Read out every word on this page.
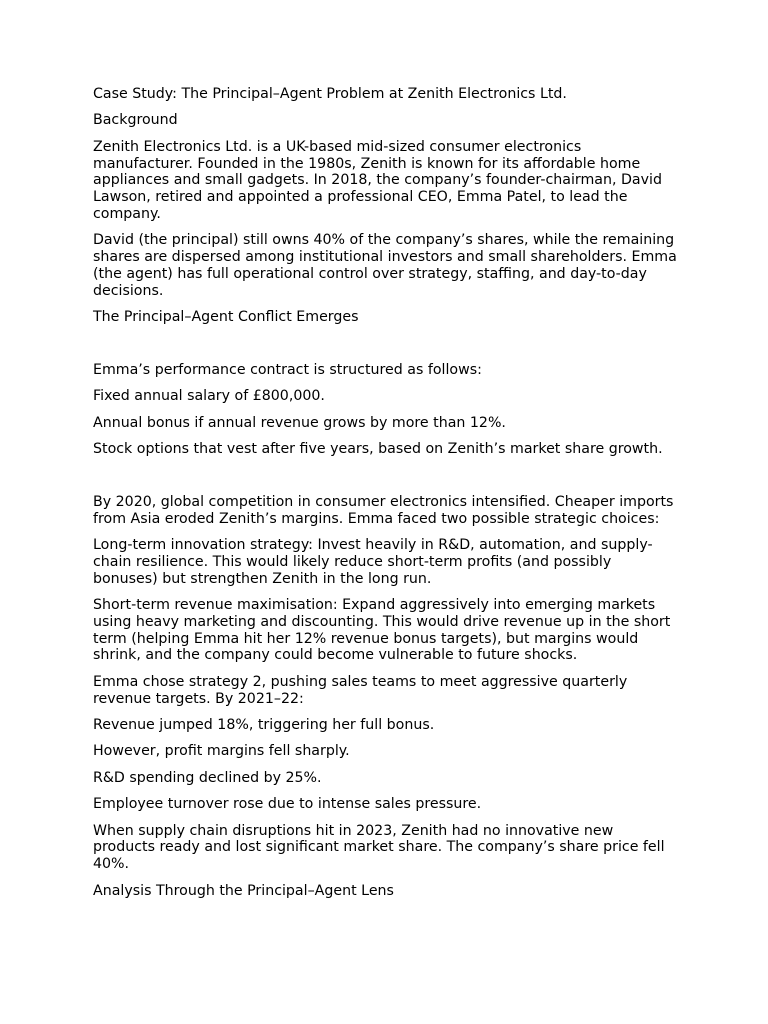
Case Study: The Principal–Agent Problem at Zenith Electronics Ltd.

Background

Zenith Electronics Ltd. is a UK-based mid-sized consumer electronics manufacturer. Founded in the 1980s, Zenith is known for its affordable home appliances and small gadgets. In 2018, the company’s founder-chairman, David Lawson, retired and appointed a professional CEO, Emma Patel, to lead the company.

David (the principal) still owns 40% of the company’s shares, while the remaining shares are dispersed among institutional investors and small shareholders. Emma (the agent) has full operational control over strategy, staffing, and day-to-day decisions.

The Principal–Agent Conflict Emerges

Emma’s performance contract is structured as follows:

Fixed annual salary of £800,000.

Annual bonus if annual revenue grows by more than 12%.

Stock options that vest after five years, based on Zenith’s market share growth.

By 2020, global competition in consumer electronics intensified. Cheaper imports from Asia eroded Zenith’s margins. Emma faced two possible strategic choices:

Long-term innovation strategy: Invest heavily in R&D, automation, and supply-chain resilience. This would likely reduce short-term profits (and possibly bonuses) but strengthen Zenith in the long run.

Short-term revenue maximisation: Expand aggressively into emerging markets using heavy marketing and discounting. This would drive revenue up in the short term (helping Emma hit her 12% revenue bonus targets), but margins would shrink, and the company could become vulnerable to future shocks.

Emma chose strategy 2, pushing sales teams to meet aggressive quarterly revenue targets. By 2021–22:

Revenue jumped 18%, triggering her full bonus.

However, profit margins fell sharply.

R&D spending declined by 25%.

Employee turnover rose due to intense sales pressure.

When supply chain disruptions hit in 2023, Zenith had no innovative new products ready and lost significant market share. The company’s share price fell 40%.

Analysis Through the Principal–Agent Lens
